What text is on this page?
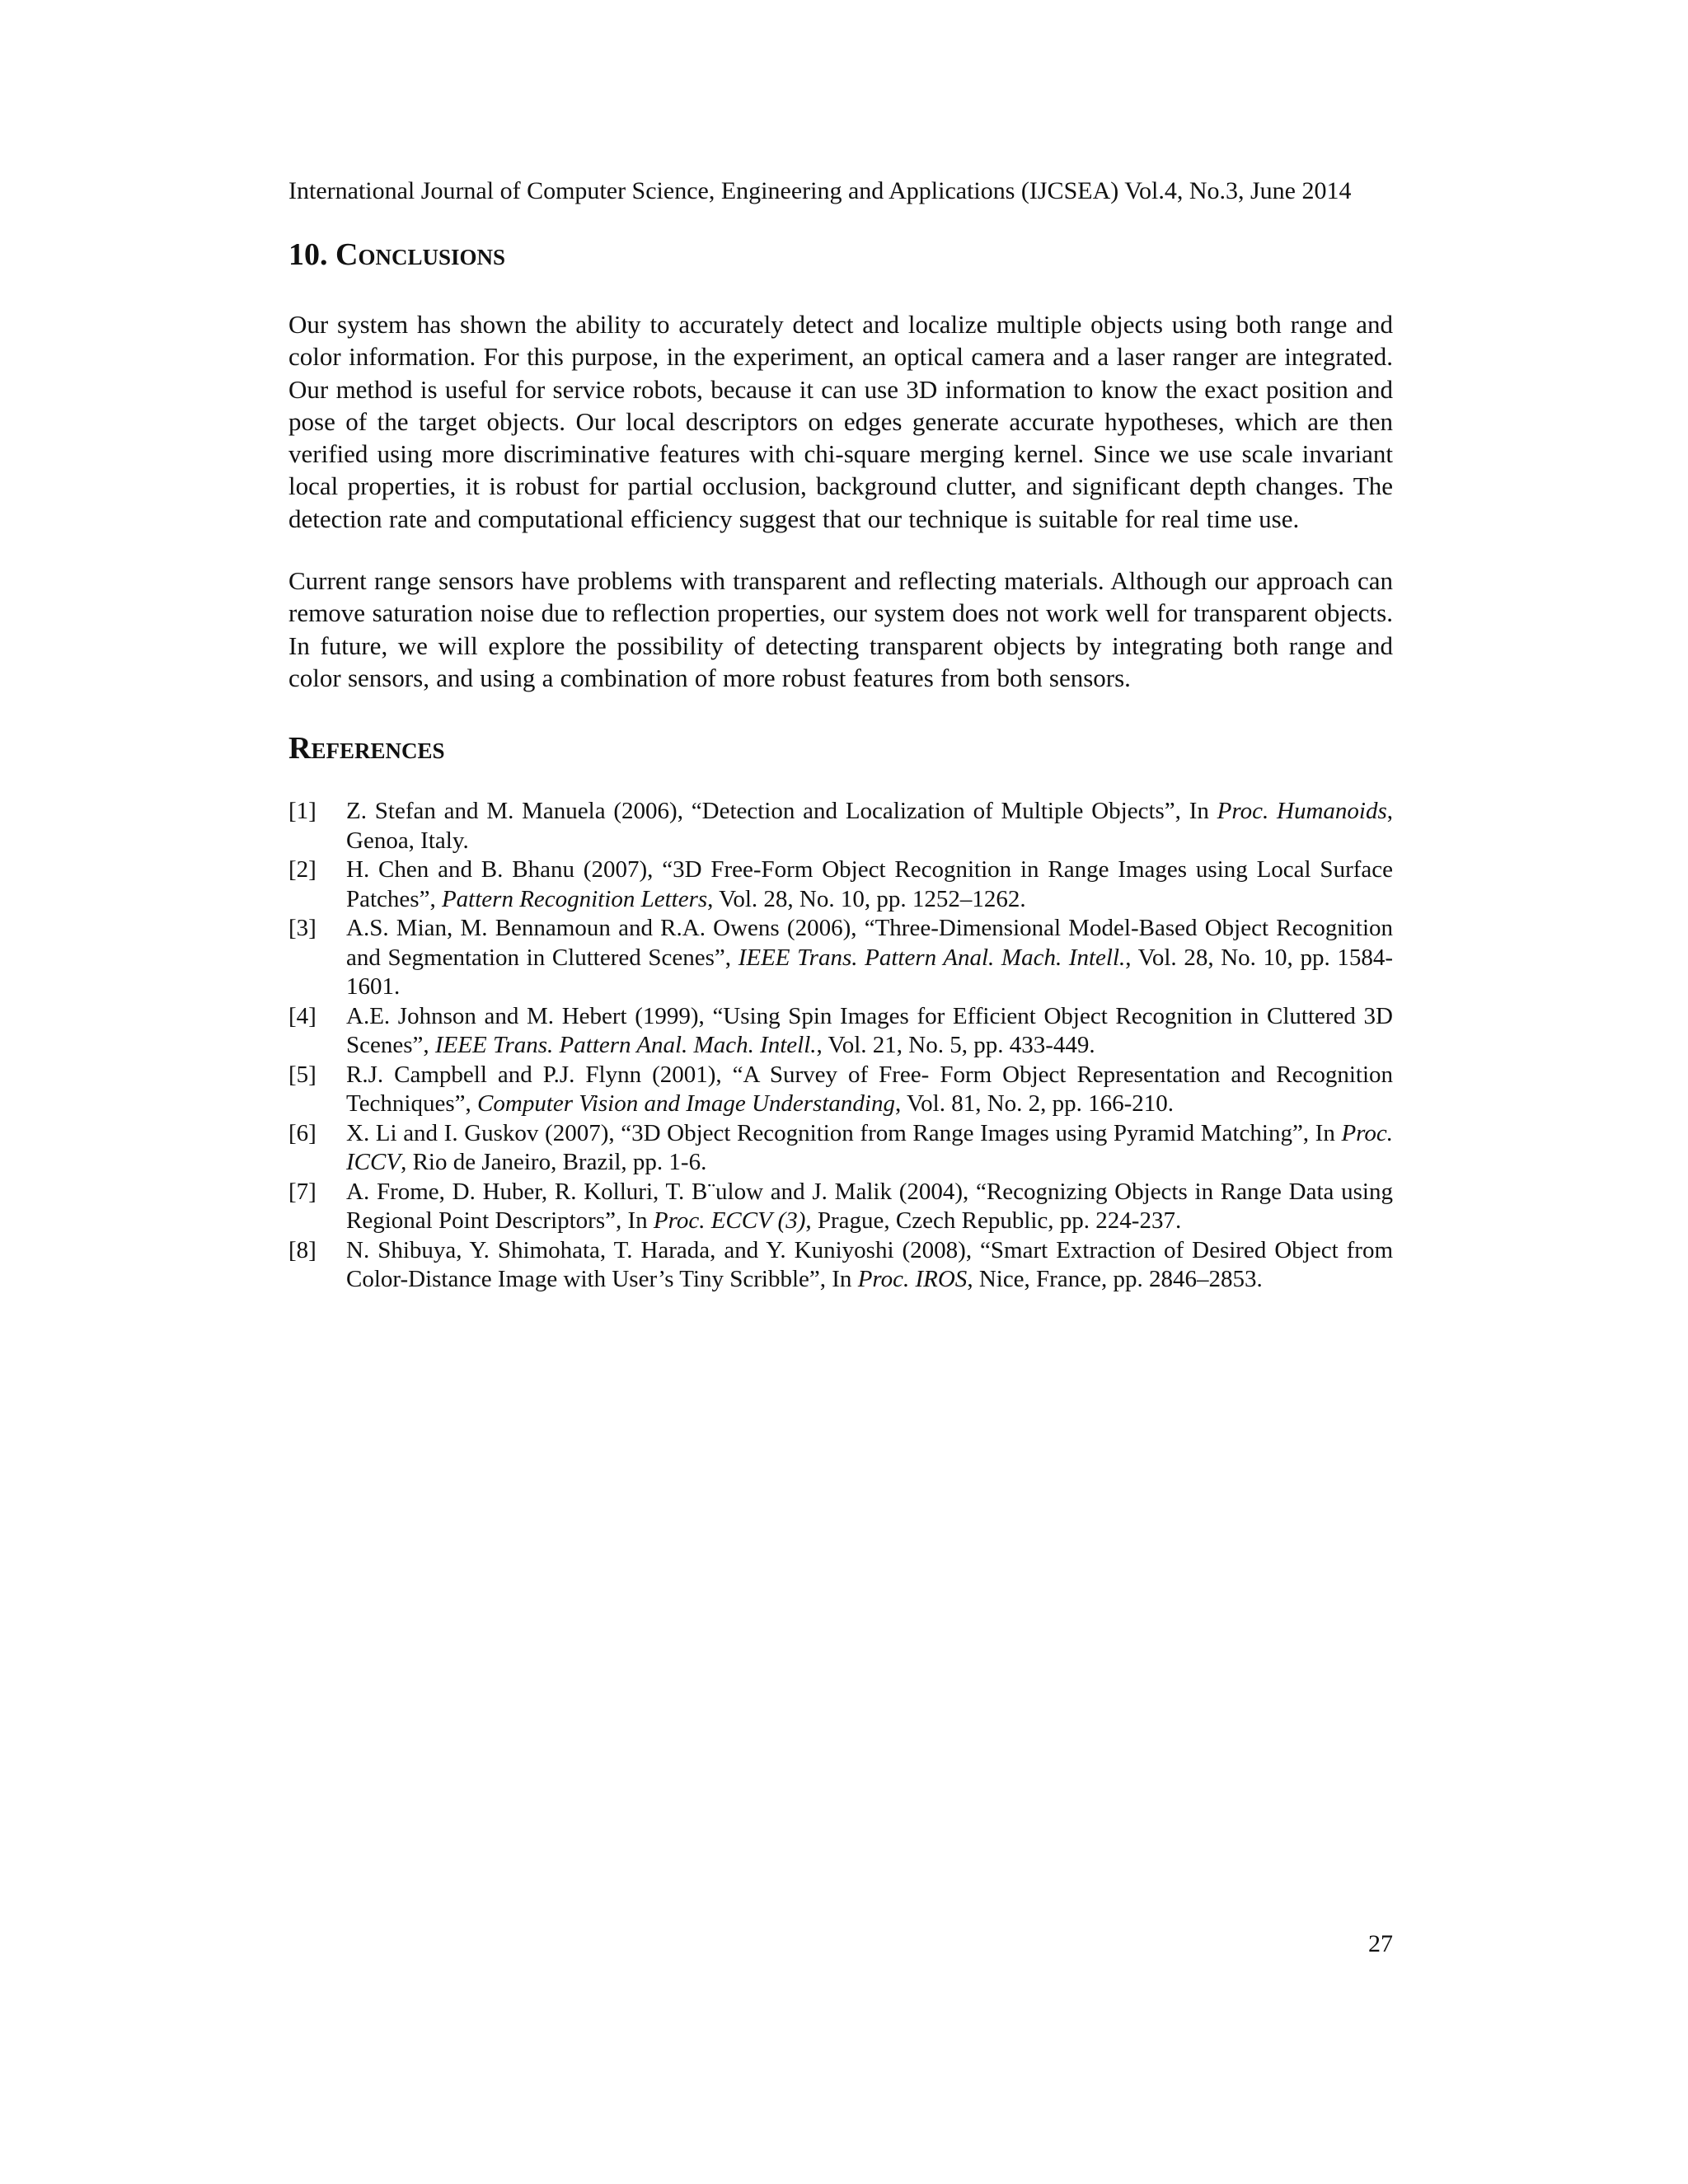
International Journal of Computer Science, Engineering and Applications (IJCSEA) Vol.4, No.3, June 2014
10. Conclusions

Our system has shown the ability to accurately detect and localize multiple objects using both range and color information. For this purpose, in the experiment, an optical camera and a laser ranger are integrated. Our method is useful for service robots, because it can use 3D information to know the exact position and pose of the target objects. Our local descriptors on edges generate accurate hypotheses, which are then verified using more discriminative features with chi-square merging kernel. Since we use scale invariant local properties, it is robust for partial occlusion, background clutter, and significant depth changes. The detection rate and computational efficiency suggest that our technique is suitable for real time use.

Current range sensors have problems with transparent and reflecting materials. Although our approach can remove saturation noise due to reflection properties, our system does not work well for transparent objects. In future, we will explore the possibility of detecting transparent objects by integrating both range and color sensors, and using a combination of more robust features from both sensors.

References
[1]	Z. Stefan and M. Manuela (2006), “Detection and Localization of Multiple Objects”, In Proc. Humanoids, Genoa, Italy.
[2]	H. Chen and B. Bhanu (2007), “3D Free-Form Object Recognition in Range Images using Local Surface Patches”, Pattern Recognition Letters, Vol. 28, No. 10, pp. 1252–1262.
[3]	A.S. Mian, M. Bennamoun and R.A. Owens (2006), “Three-Dimensional Model-Based Object Recognition and Segmentation in Cluttered Scenes”, IEEE Trans. Pattern Anal. Mach. Intell., Vol. 28, No. 10, pp. 1584-1601.
[4]	A.E. Johnson and M. Hebert (1999), “Using Spin Images for Efficient Object Recognition in Cluttered 3D Scenes”, IEEE Trans. Pattern Anal. Mach. Intell., Vol. 21, No. 5, pp. 433-449.
[5]	R.J. Campbell and P.J. Flynn (2001), “A Survey of Free- Form Object Representation and Recognition Techniques”, Computer Vision and Image Understanding, Vol. 81, No. 2, pp. 166-210.
[6]	X. Li and I. Guskov (2007), “3D Object Recognition from Range Images using Pyramid Matching”, In Proc. ICCV, Rio de Janeiro, Brazil, pp. 1-6.
[7]	A. Frome, D. Huber, R. Kolluri, T. B¨ulow and J. Malik (2004), “Recognizing Objects in Range Data using Regional Point Descriptors”, In Proc. ECCV (3), Prague, Czech Republic, pp. 224-237.
[8]	N. Shibuya, Y. Shimohata, T. Harada, and Y. Kuniyoshi (2008), “Smart Extraction of Desired Object from Color-Distance Image with User’s Tiny Scribble”, In Proc. IROS, Nice, France, pp. 2846–2853.
27
